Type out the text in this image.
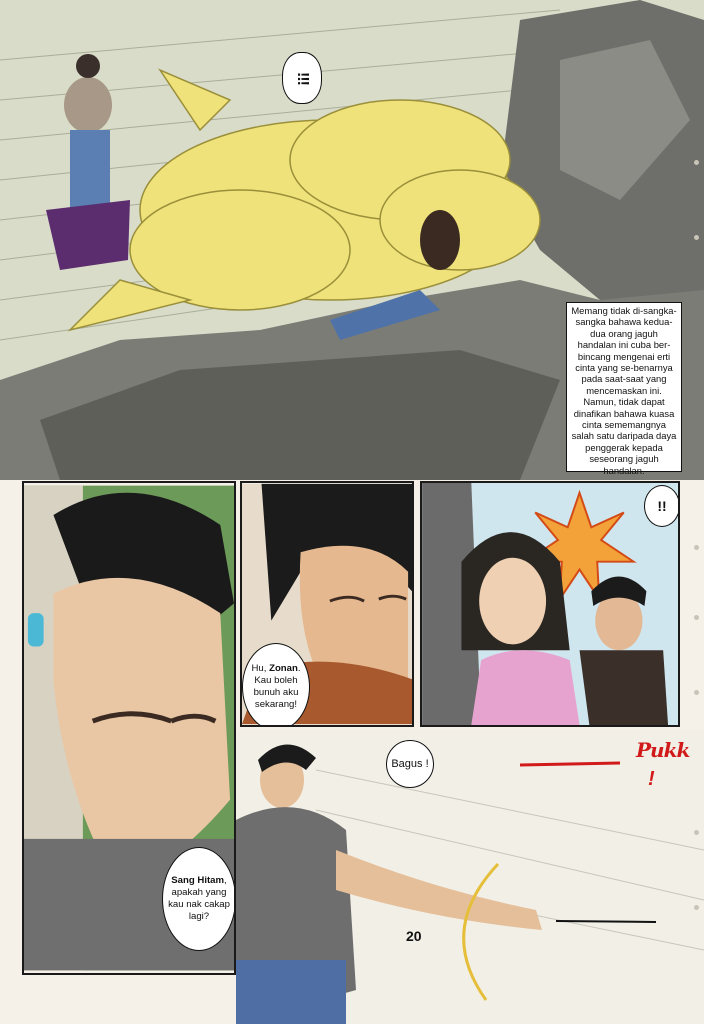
!!!
Memang tidak di-sangka-sangka bahawa kedua-dua orang jaguh handalan ini cuba ber-bincang mengenai erti cinta yang se-benarnya pada saat-saat yang mencemaskan ini. Namun, tidak dapat dinafikan bahawa kuasa cinta sememangnya salah satu daripada daya penggerak kepada seseorang jaguh handalan.
Sang Hitam, apakah yang kau nak cakap lagi?
Hu, Zonan. Kau boleh bunuh aku sekarang!
!!
Bagus !
Pukk
!
20
